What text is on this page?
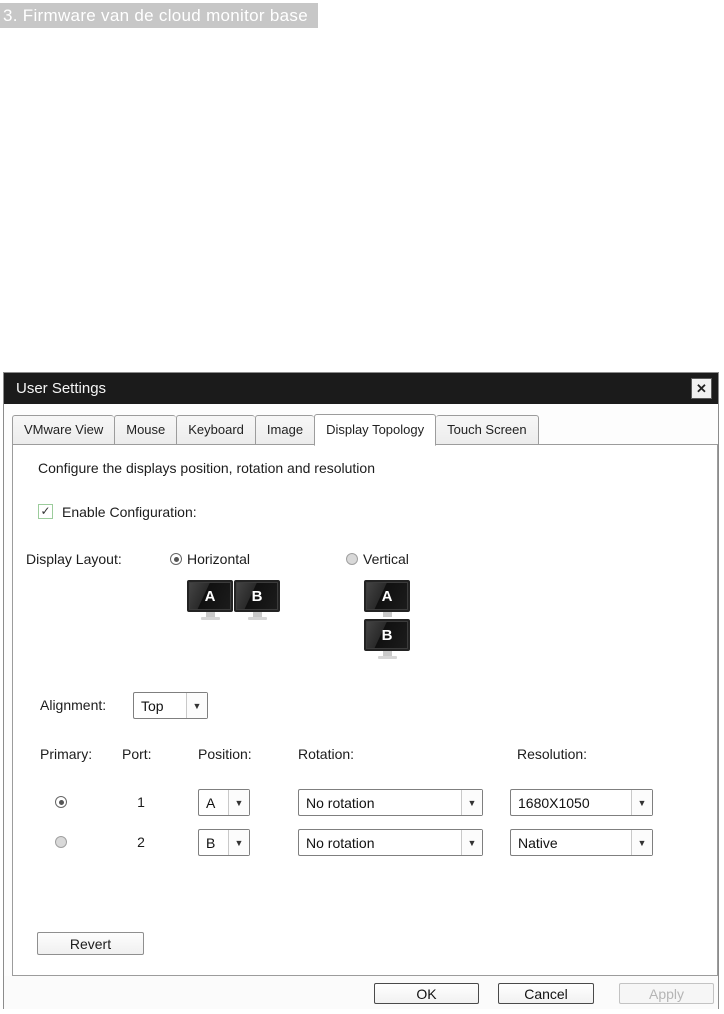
3. Firmware van de cloud monitor base
User Settings	✕
VMware View	Mouse	Keyboard	Image	Display Topology	Touch Screen
Configure the displays position, rotation and resolution
✓ Enable Configuration:
Display Layout:	Horizontal	Vertical
A B	A
B
Alignment:	Top	▼
Primary: Port:	Position:	Rotation:	Resolution:
1	A	▼	No rotation	▼	1680X1050	▼
2	B	▼	No rotation	▼	Native	▼
Revert
OK	Cancel	Apply
